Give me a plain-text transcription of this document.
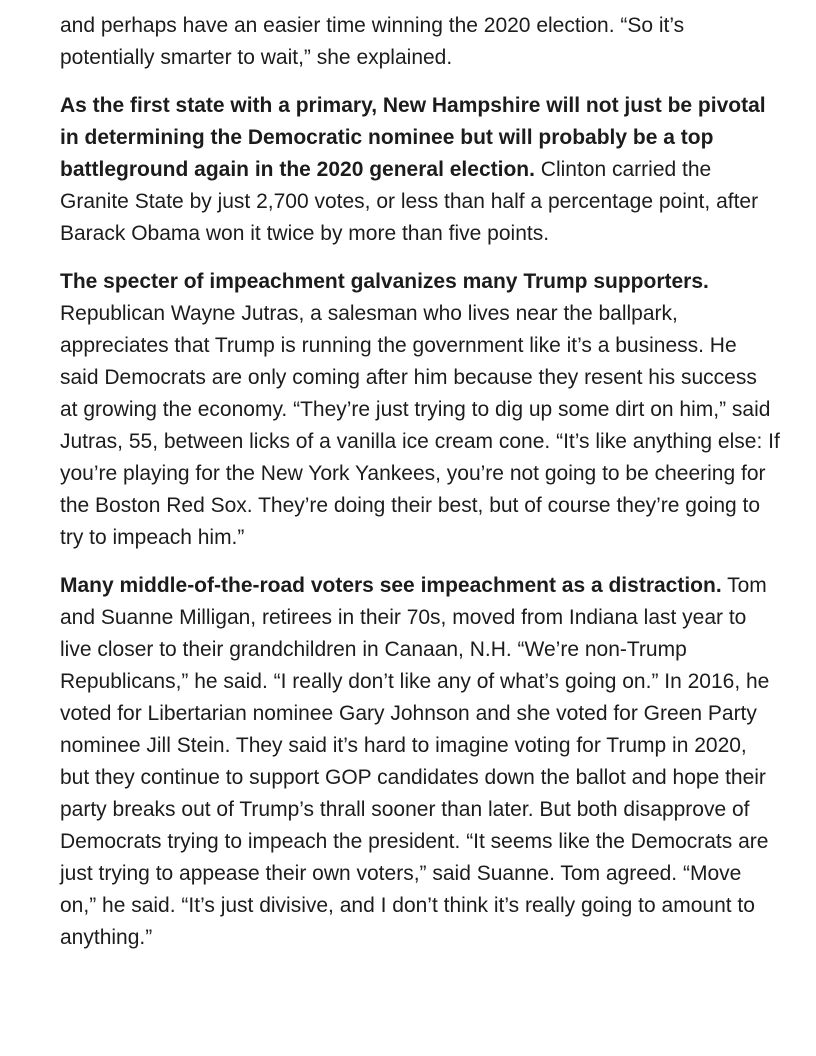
and perhaps have an easier time winning the 2020 election. “So it’s potentially smarter to wait,” she explained.

As the first state with a primary, New Hampshire will not just be pivotal in determining the Democratic nominee but will probably be a top battleground again in the 2020 general election. Clinton carried the Granite State by just 2,700 votes, or less than half a percentage point, after Barack Obama won it twice by more than five points.

The specter of impeachment galvanizes many Trump supporters. Republican Wayne Jutras, a salesman who lives near the ballpark, appreciates that Trump is running the government like it’s a business. He said Democrats are only coming after him because they resent his success at growing the economy. “They’re just trying to dig up some dirt on him,” said Jutras, 55, between licks of a vanilla ice cream cone. “It’s like anything else: If you’re playing for the New York Yankees, you’re not going to be cheering for the Boston Red Sox. They’re doing their best, but of course they’re going to try to impeach him.”

Many middle-of-the-road voters see impeachment as a distraction. Tom and Suanne Milligan, retirees in their 70s, moved from Indiana last year to live closer to their grandchildren in Canaan, N.H. “We’re non-Trump Republicans,” he said. “I really don’t like any of what’s going on.” In 2016, he voted for Libertarian nominee Gary Johnson and she voted for Green Party nominee Jill Stein. They said it’s hard to imagine voting for Trump in 2020, but they continue to support GOP candidates down the ballot and hope their party breaks out of Trump’s thrall sooner than later. But both disapprove of Democrats trying to impeach the president. “It seems like the Democrats are just trying to appease their own voters,” said Suanne. Tom agreed. “Move on,” he said. “It’s just divisive, and I don’t think it’s really going to amount to anything.”
